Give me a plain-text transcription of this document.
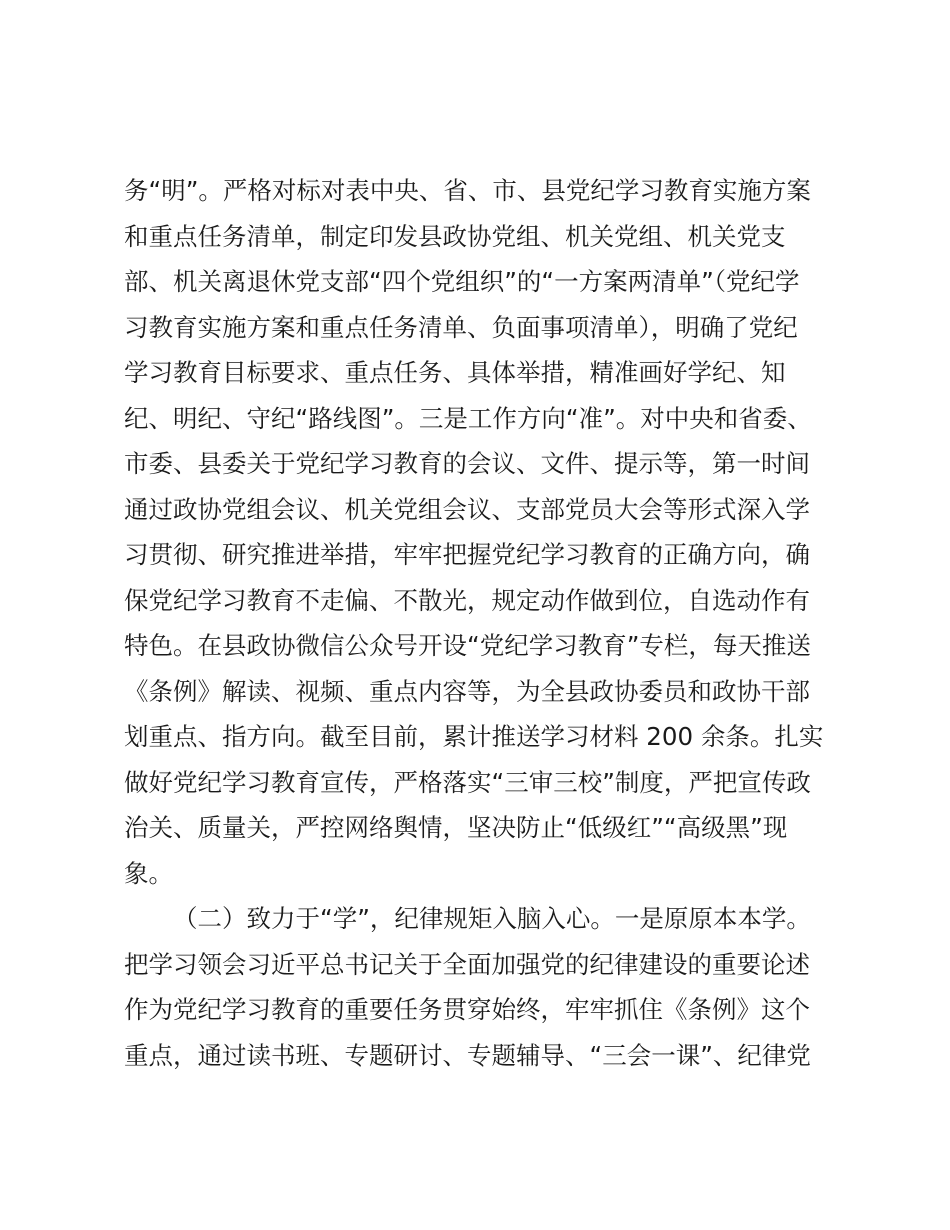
务“明”。严格对标对表中央、省、市、县党纪学习教育实施方案
和重点任务清单，制定印发县政协党组、机关党组、机关党支
部、机关离退休党支部“四个党组织”的“一方案两清单”（党纪学
习教育实施方案和重点任务清单、负面事项清单），明确了党纪
学习教育目标要求、重点任务、具体举措，精准画好学纪、知
纪、明纪、守纪“路线图”。三是工作方向“准”。对中央和省委、
市委、县委关于党纪学习教育的会议、文件、提示等，第一时间
通过政协党组会议、机关党组会议、支部党员大会等形式深入学
习贯彻、研究推进举措，牢牢把握党纪学习教育的正确方向，确
保党纪学习教育不走偏、不散光，规定动作做到位，自选动作有
特色。在县政协微信公众号开设“党纪学习教育”专栏，每天推送
《条例》解读、视频、重点内容等，为全县政协委员和政协干部
划重点、指方向。截至目前，累计推送学习材料 200 余条。扎实
做好党纪学习教育宣传，严格落实“三审三校”制度，严把宣传政
治关、质量关，严控网络舆情，坚决防止“低级红”“高级黑”现
象。
（二）致力于“学”，纪律规矩入脑入心。一是原原本本学。
把学习领会习近平总书记关于全面加强党的纪律建设的重要论述
作为党纪学习教育的重要任务贯穿始终，牢牢抓住《条例》这个
重点，通过读书班、专题研讨、专题辅导、“三会一课”、纪律党
